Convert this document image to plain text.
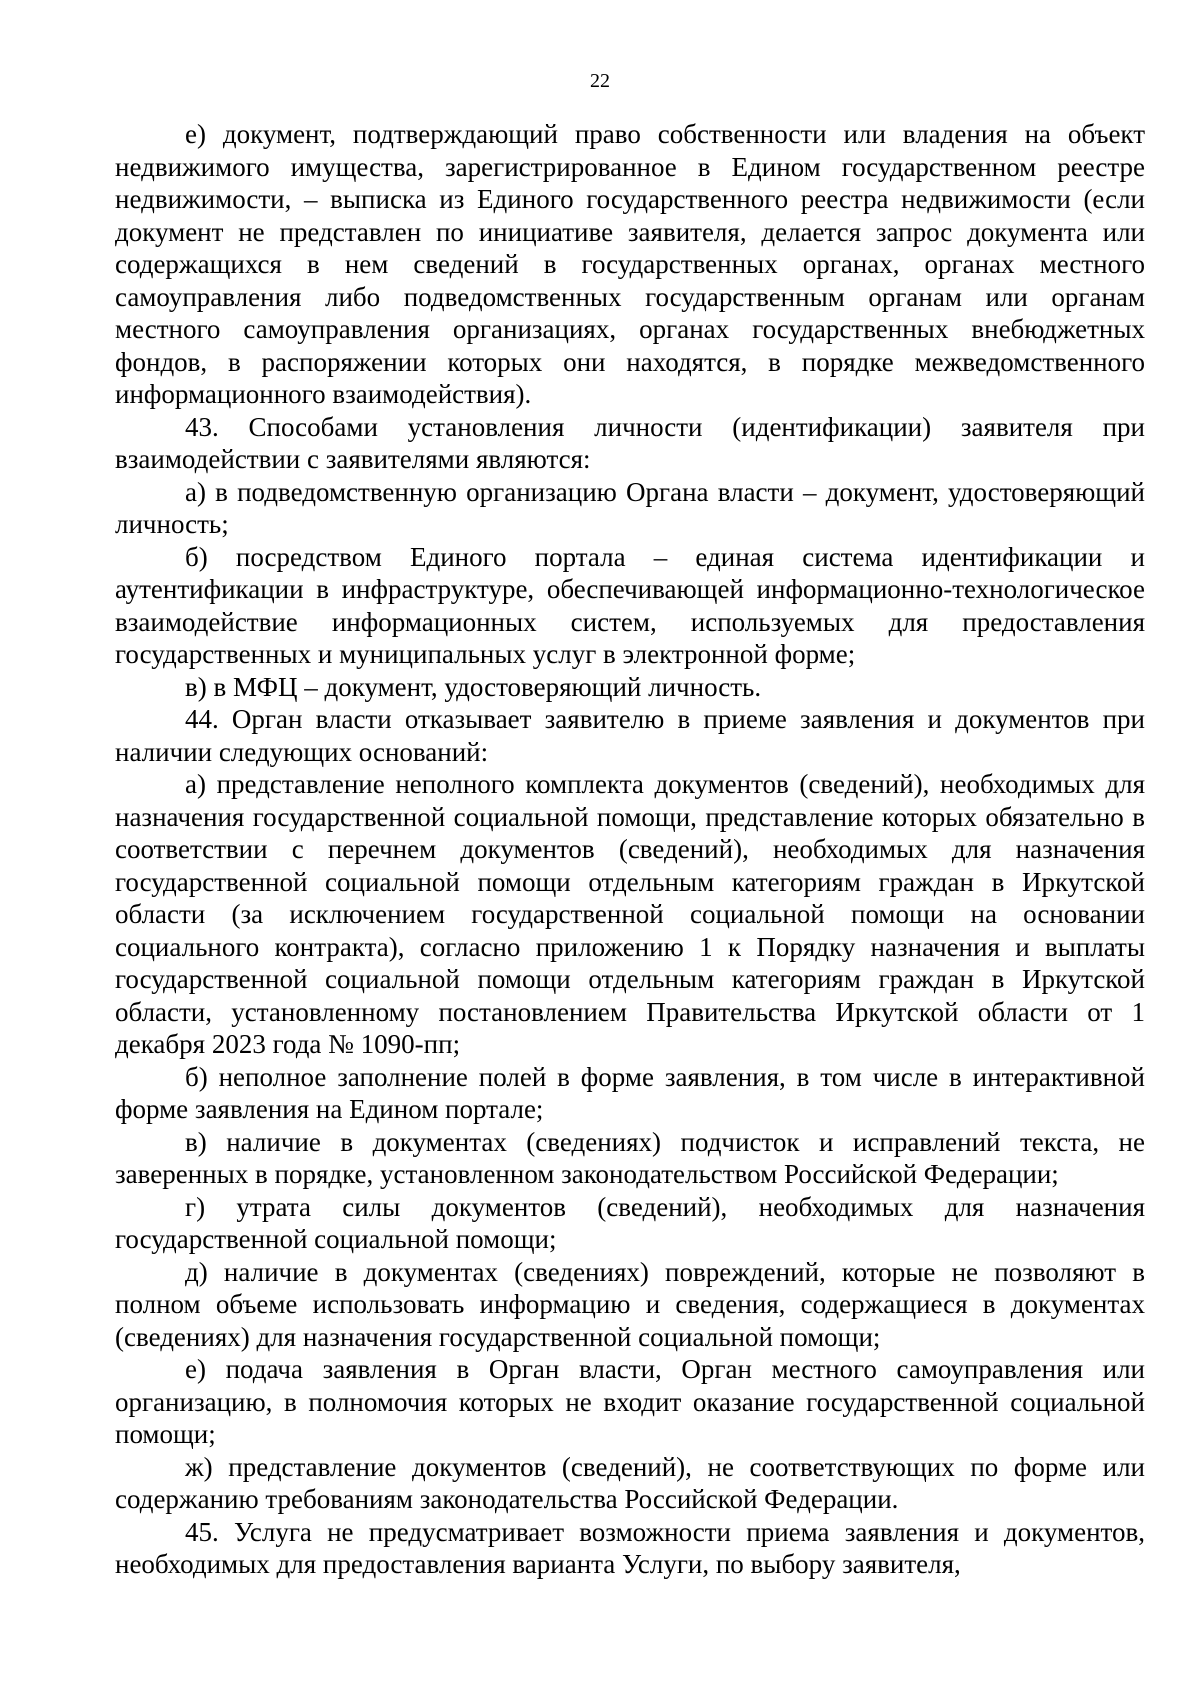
22

е) документ, подтверждающий право собственности или владения на объект недвижимого имущества, зарегистрированное в Едином государственном реестре недвижимости, – выписка из Единого государственного реестра недвижимости (если документ не представлен по инициативе заявителя, делается запрос документа или содержащихся в нем сведений в государственных органах, органах местного самоуправления либо подведомственных государственным органам или органам местного самоуправления организациях, органах государственных внебюджетных фондов, в распоряжении которых они находятся, в порядке межведомственного информационного взаимодействия).

43. Способами установления личности (идентификации) заявителя при взаимодействии с заявителями являются:

а) в подведомственную организацию Органа власти – документ, удостоверяющий личность;

б) посредством Единого портала – единая система идентификации и аутентификации в инфраструктуре, обеспечивающей информационно-технологическое взаимодействие информационных систем, используемых для предоставления государственных и муниципальных услуг в электронной форме;

в) в МФЦ – документ, удостоверяющий личность.

44. Орган власти отказывает заявителю в приеме заявления и документов при наличии следующих оснований:

а) представление неполного комплекта документов (сведений), необходимых для назначения государственной социальной помощи, представление которых обязательно в соответствии с перечнем документов (сведений), необходимых для назначения государственной социальной помощи отдельным категориям граждан в Иркутской области (за исключением государственной социальной помощи на основании социального контракта), согласно приложению 1 к Порядку назначения и выплаты государственной социальной помощи отдельным категориям граждан в Иркутской области, установленному постановлением Правительства Иркутской области от 1 декабря 2023 года № 1090-пп;

б) неполное заполнение полей в форме заявления, в том числе в интерактивной форме заявления на Едином портале;

в) наличие в документах (сведениях) подчисток и исправлений текста, не заверенных в порядке, установленном законодательством Российской Федерации;

г) утрата силы документов (сведений), необходимых для назначения государственной социальной помощи;

д) наличие в документах (сведениях) повреждений, которые не позволяют в полном объеме использовать информацию и сведения, содержащиеся в документах (сведениях) для назначения государственной социальной помощи;

е) подача заявления в Орган власти, Орган местного самоуправления или организацию, в полномочия которых не входит оказание государственной социальной помощи;

ж) представление документов (сведений), не соответствующих по форме или содержанию требованиям законодательства Российской Федерации.

45. Услуга не предусматривает возможности приема заявления и документов, необходимых для предоставления варианта Услуги, по выбору заявителя,
